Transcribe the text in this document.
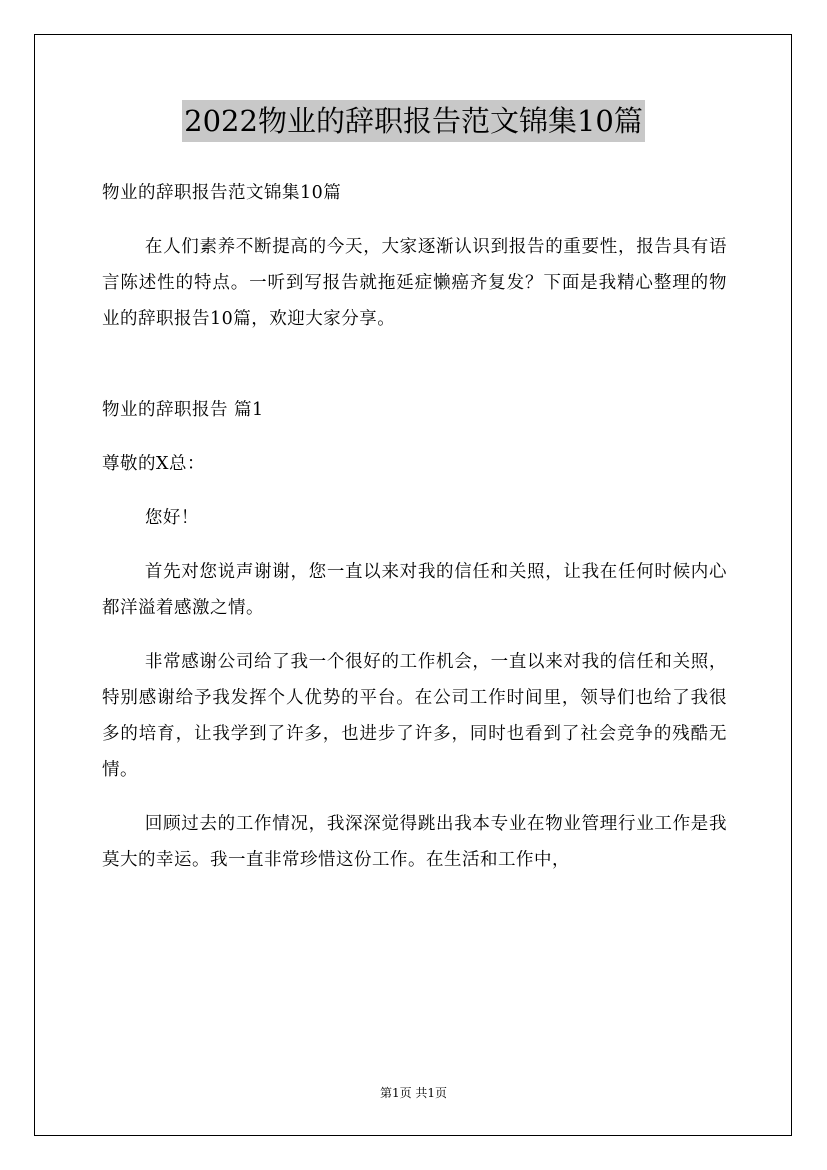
2022物业的辞职报告范文锦集10篇

物业的辞职报告范文锦集10篇

在人们素养不断提高的今天，大家逐渐认识到报告的重要性，报告具有语言陈述性的特点。一听到写报告就拖延症懒癌齐复发？下面是我精心整理的物业的辞职报告10篇，欢迎大家分享。

物业的辞职报告 篇1

尊敬的X总：

您好！

首先对您说声谢谢，您一直以来对我的信任和关照，让我在任何时候内心都洋溢着感激之情。

非常感谢公司给了我一个很好的工作机会，一直以来对我的信任和关照，特别感谢给予我发挥个人优势的平台。在公司工作时间里，领导们也给了我很多的培育，让我学到了许多，也进步了许多，同时也看到了社会竞争的残酷无情。

回顾过去的工作情况，我深深觉得跳出我本专业在物业管理行业工作是我莫大的幸运。我一直非常珍惜这份工作。在生活和工作中，

第1页 共1页
